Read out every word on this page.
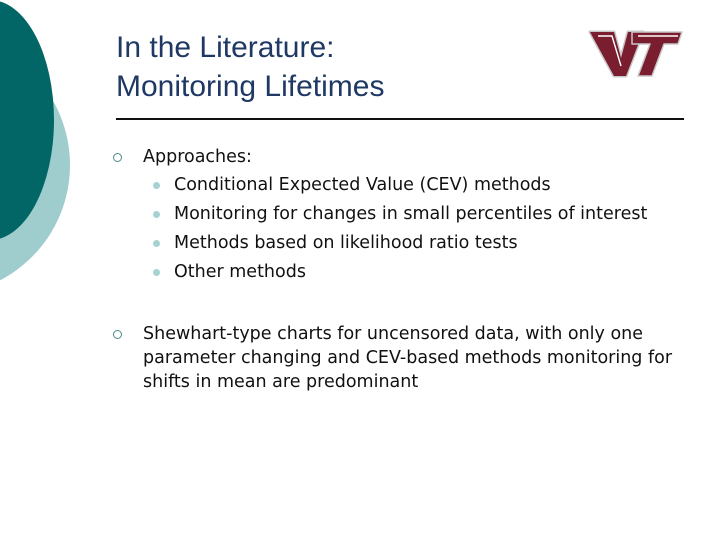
In the Literature:
Monitoring Lifetimes
Approaches:
Conditional Expected Value (CEV) methods
Monitoring for changes in small percentiles of interest
Methods based on likelihood ratio tests
Other methods
Shewhart-type charts for uncensored data, with only one parameter changing and CEV-based methods monitoring for shifts in mean are predominant
